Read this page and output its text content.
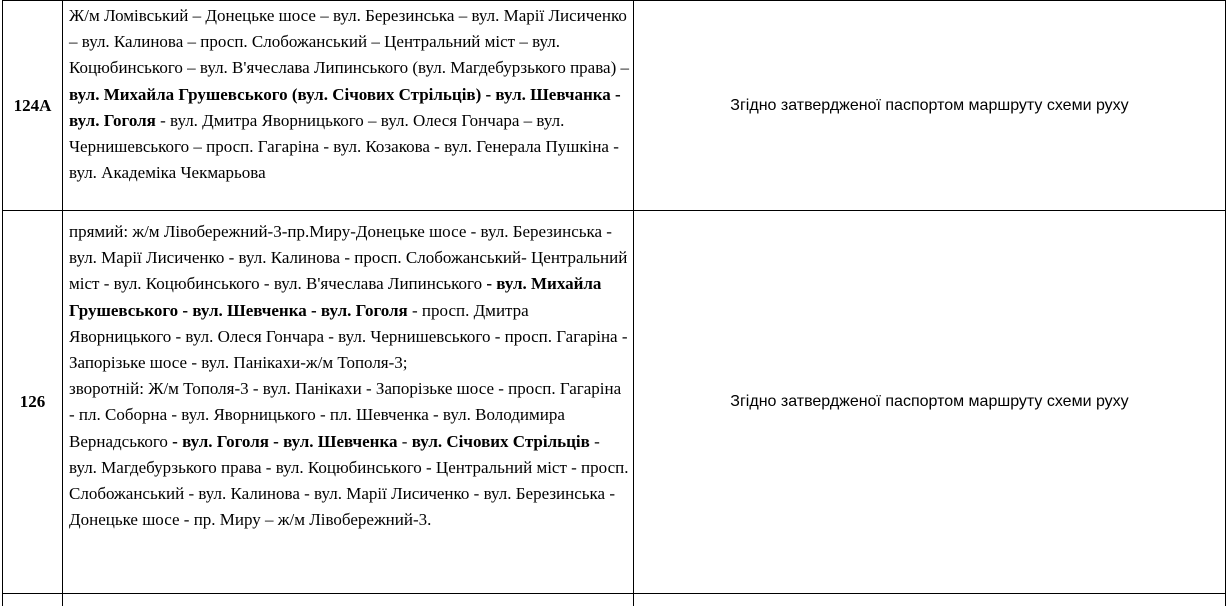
124А	Ж/м Ломівський – Донецьке шосе – вул. Березинська – вул. Марії Лисиченко – вул. Калинова – просп. Слобожанський – Центральний міст – вул. Коцюбинського – вул. В'ячеслава Липинського (вул. Магдебурзького права) – вул. Михайла Грушевського (вул. Січових Стрільців) - вул. Шевчанка - вул. Гоголя - вул. Дмитра Яворницького – вул. Олеся Гончара – вул. Чернишевського – просп. Гагаріна - вул. Козакова - вул. Генерала Пушкіна - вул. Академіка Чекмарьова	Згідно затвердженої паспортом маршруту схеми руху
126	прямий: ж/м Лівобережний-3-пр.Миру-Донецьке шосе - вул. Березинська - вул. Марії Лисиченко - вул. Калинова - просп. Слобожанський- Центральний міст - вул. Коцюбинського - вул. В'ячеслава Липинського - вул. Михайла Грушевського - вул. Шевченка - вул. Гоголя - просп. Дмитра Яворницького - вул. Олеся Гончара - вул. Чернишевського - просп. Гагаріна - Запорізьке шосе - вул. Панікахи-ж/м Тополя-3;
зворотній: Ж/м Тополя-3 - вул. Панікахи - Запорізьке шосе - просп. Гагаріна - пл. Соборна - вул. Яворницького - пл. Шевченка - вул. Володимира Вернадського - вул. Гоголя - вул. Шевченка - вул. Січових Стрільців - вул. Магдебурзького права - вул. Коцюбинського - Центральний міст - просп. Слобожанський - вул. Калинова - вул. Марії Лисиченко - вул. Березинська - Донецьке шосе - пр. Миру – ж/м Лівобережний-3.	Згідно затвердженої паспортом маршруту схеми руху
